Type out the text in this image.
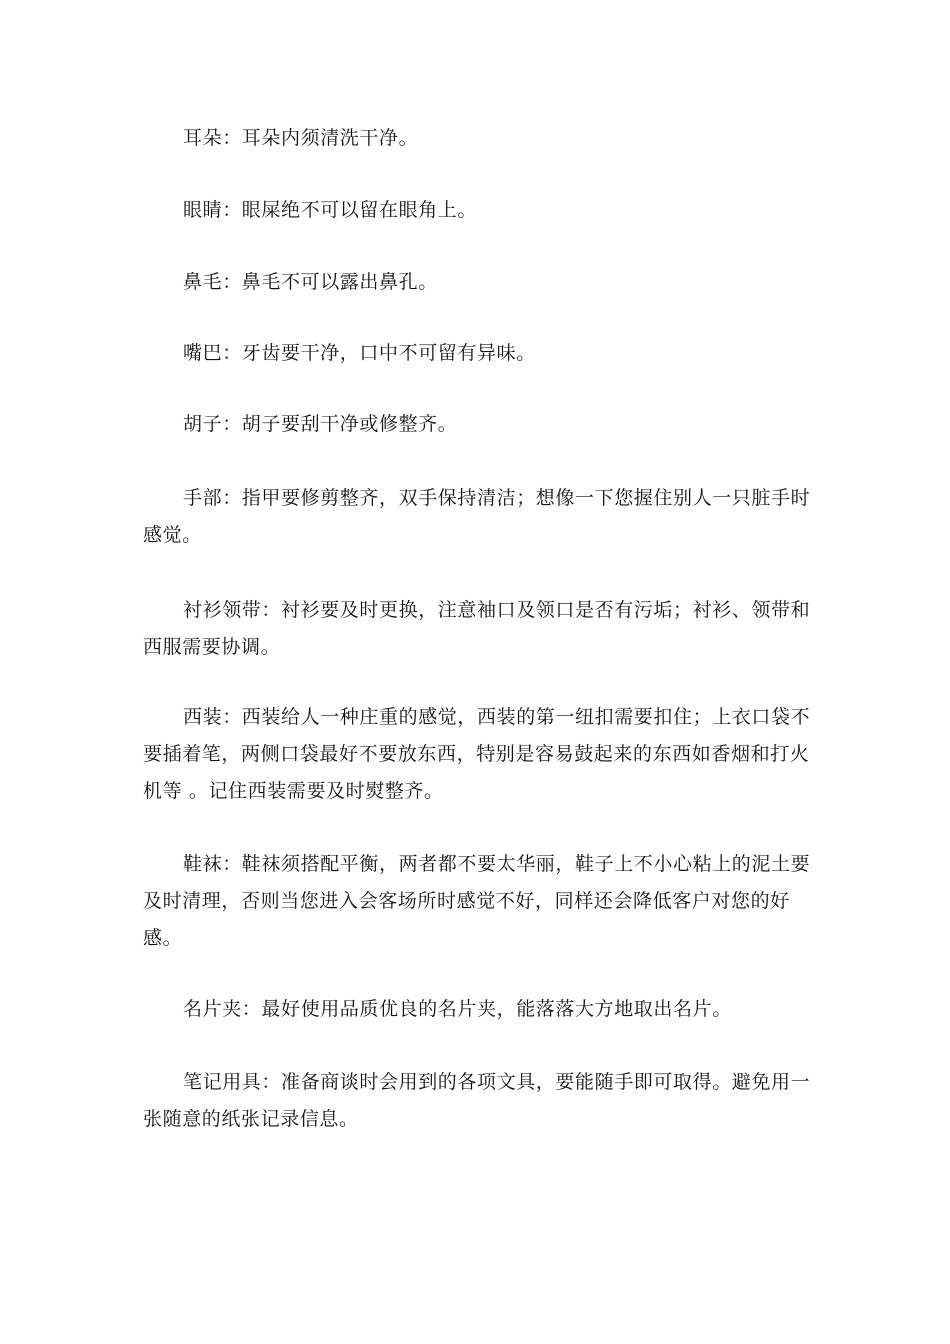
耳朵：耳朵内须清洗干净。

眼睛：眼屎绝不可以留在眼角上。

鼻毛：鼻毛不可以露出鼻孔。

嘴巴：牙齿要干净，口中不可留有异味。

胡子：胡子要刮干净或修整齐。

手部：指甲要修剪整齐，双手保持清洁；想像一下您握住别人一只脏手时感觉。

衬衫领带：衬衫要及时更换，注意袖口及领口是否有污垢；衬衫、领带和西服需要协调。

西装：西装给人一种庄重的感觉，西装的第一纽扣需要扣住；上衣口袋不要插着笔，两侧口袋最好不要放东西，特别是容易鼓起来的东西如香烟和打火机等 。记住西装需要及时熨整齐。

鞋袜：鞋袜须搭配平衡，两者都不要太华丽，鞋子上不小心粘上的泥土要及时清理，否则当您进入会客场所时感觉不好，同样还会降低客户对您的好感。

名片夹：最好使用品质优良的名片夹，能落落大方地取出名片。

笔记用具：准备商谈时会用到的各项文具，要能随手即可取得。避免用一张随意的纸张记录信息。
